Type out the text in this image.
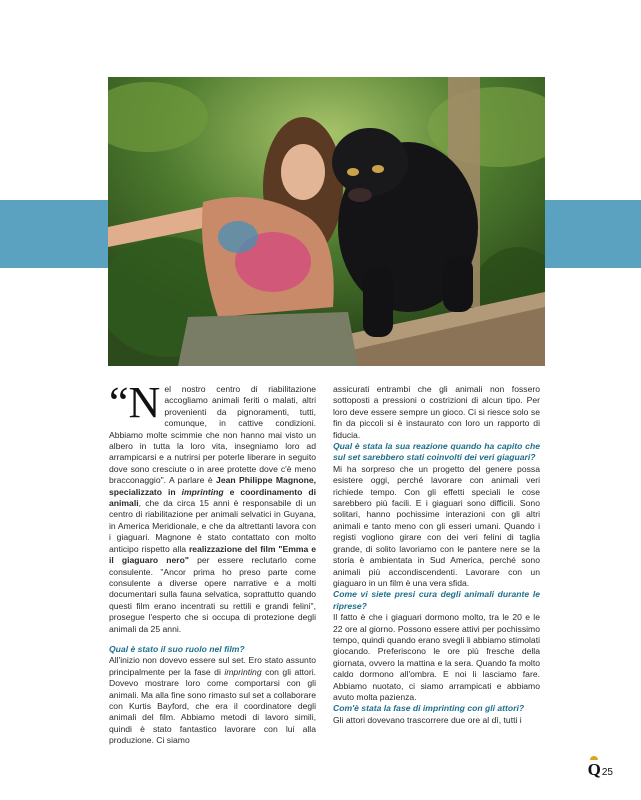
“Nel nostro centro di riabilitazione accogliamo animali feriti o malati, altri provenienti da pignoramenti, tutti, comunque, in cattive condizioni. Abbiamo molte scimmie che non hanno mai visto un albero in tutta la loro vita, insegniamo loro ad arrampicarsi e a nutrirsi per poterle liberare in seguito dove sono cresciute o in aree protette dove c'è meno bracconaggio". A parlare è Jean Philippe Magnone, specializzato in imprinting e coordinamento di animali, che da circa 15 anni è responsabile di un centro di riabilitazione per animali selvatici in Guyana, in America Meridionale, e che da altrettanti lavora con i giaguari. Magnone è stato contattato con molto anticipo rispetto alla realizzazione del film "Emma e il giaguaro nero" per essere reclutarlo come consulente. "Ancor prima ho preso parte come consulente a diverse opere narrative e a molti documentari sulla fauna selvatica, soprattutto quando questi film erano incentrati su rettili e grandi felini", prosegue l'esperto che si occupa di protezione degli animali da 25 anni.

Qual è stato il suo ruolo nel film?

All'inizio non dovevo essere sul set. Ero stato assunto principalmente per la fase di imprinting con gli attori. Dovevo mostrare loro come comportarsi con gli animali. Ma alla fine sono rimasto sul set a collaborare con Kurtis Bayford, che era il coordinatore degli animali del film. Abbiamo metodi di lavoro simili, quindi è stato fantastico lavorare con lui alla produzione. Ci siamo

assicurati entrambi che gli animali non fossero sottoposti a pressioni o costrizioni di alcun tipo. Per loro deve essere sempre un gioco. Ci si riesce solo se fin da piccoli si è instaurato con loro un rapporto di fiducia.

Qual è stata la sua reazione quando ha capito che sul set sarebbero stati coinvolti dei veri giaguari?

Mi ha sorpreso che un progetto del genere possa esistere oggi, perché lavorare con animali veri richiede tempo. Con gli effetti speciali le cose sarebbero più facili. E i giaguari sono difficili. Sono solitari, hanno pochissime interazioni con gli altri animali e tanto meno con gli esseri umani. Quando i registi vogliono girare con dei veri felini di taglia grande, di solito lavoriamo con le pantere nere se la storia è ambientata in Sud America, perché sono animali più accondiscendenti. Lavorare con un giaguaro in un film è una vera sfida.

Come vi siete presi cura degli animali durante le riprese?

Il fatto è che i giaguari dormono molto, tra le 20 e le 22 ore al giorno. Possono essere attivi per pochissimo tempo, quindi quando erano svegli li abbiamo stimolati giocando. Preferiscono le ore più fresche della giornata, ovvero la mattina e la sera. Quando fa molto caldo dormono all'ombra. E noi li lasciamo fare. Abbiamo nuotato, ci siamo arrampicati e abbiamo avuto molta pazienza.

Com'è stata la fase di imprinting con gli attori?

Gli attori dovevano trascorrere due ore al dì, tutti i

Q 25
